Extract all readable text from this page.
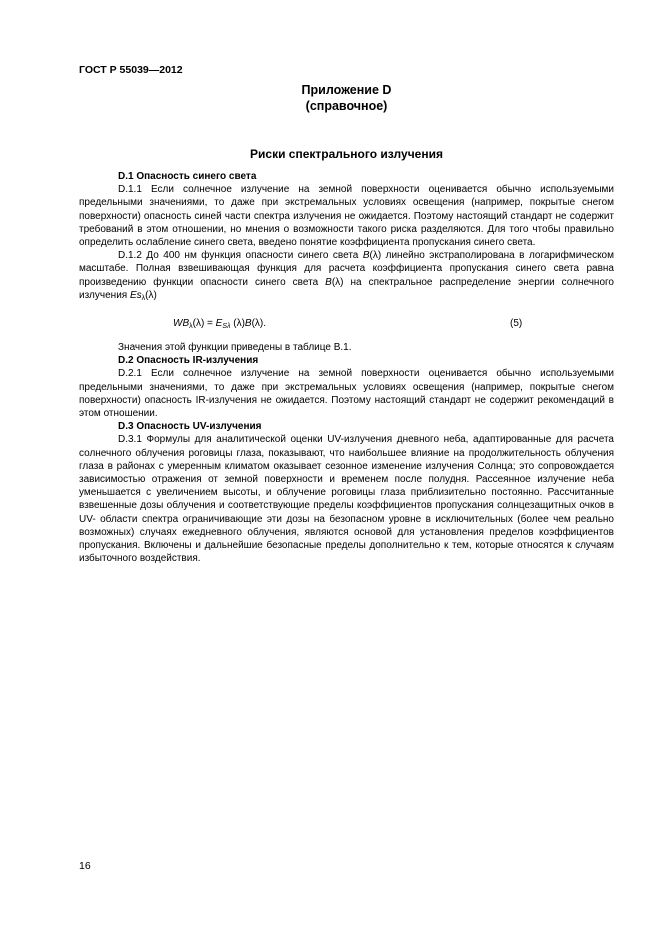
ГОСТ Р 55039—2012
Приложение D
(справочное)
Риски спектрального излучения

D.1 Опасность синего света

D.1.1 Если солнечное излучение на земной поверхности оценивается обычно используемыми предельными значениями, то даже при экстремальных условиях освещения (например, покрытые снегом поверхности) опасность синей части спектра излучения не ожидается. Поэтому настоящий стандарт не содержит требований в этом отношении, но мнения о возможности такого риска разделяются. Для того чтобы правильно определить ослабление синего света, введено понятие коэффициента пропускания синего света.

D.1.2 До 400 нм функция опасности синего света B(λ) линейно экстраполирована в логарифмическом масштабе. Полная взвешивающая функция для расчета коэффициента пропускания синего света равна произведению функции опасности синего света B(λ) на спектральное распределение энергии солнечного излучения $Es_\lambda(\lambda)$

$WB_\lambda(\lambda) = E_{S\lambda}$ (λ)B(λ).	(5)

Значения этой функции приведены в таблице B.1.

D.2 Опасность IR-излучения

D.2.1 Если солнечное излучение на земной поверхности оценивается обычно используемыми предельными значениями, то даже при экстремальных условиях освещения (например, покрытые снегом поверхности) опасность IR-излучения не ожидается. Поэтому настоящий стандарт не содержит рекомендаций в этом отношении.

D.3 Опасность UV-излучения

D.3.1 Формулы для аналитической оценки UV-излучения дневного неба, адаптированные для расчета солнечного облучения роговицы глаза, показывают, что наибольшее влияние на продолжительность облучения глаза в районах с умеренным климатом оказывает сезонное изменение излучения Солнца; это сопровождается зависимостью отражения от земной поверхности и временем после полудня. Рассеянное излучение неба уменьшается с увеличением высоты, и облучение роговицы глаза приблизительно постоянно. Рассчитанные взвешенные дозы облучения и соответствующие пределы коэффициентов пропускания солнцезащитных очков в UV- области спектра ограничивающие эти дозы на безопасном уровне в исключительных (более чем реально возможных) случаях ежедневного облучения, являются основой для установления пределов коэффициентов пропускания. Включены и дальнейшие безопасные пределы дополнительно к тем, которые относятся к случаям избыточного воздействия.

16
